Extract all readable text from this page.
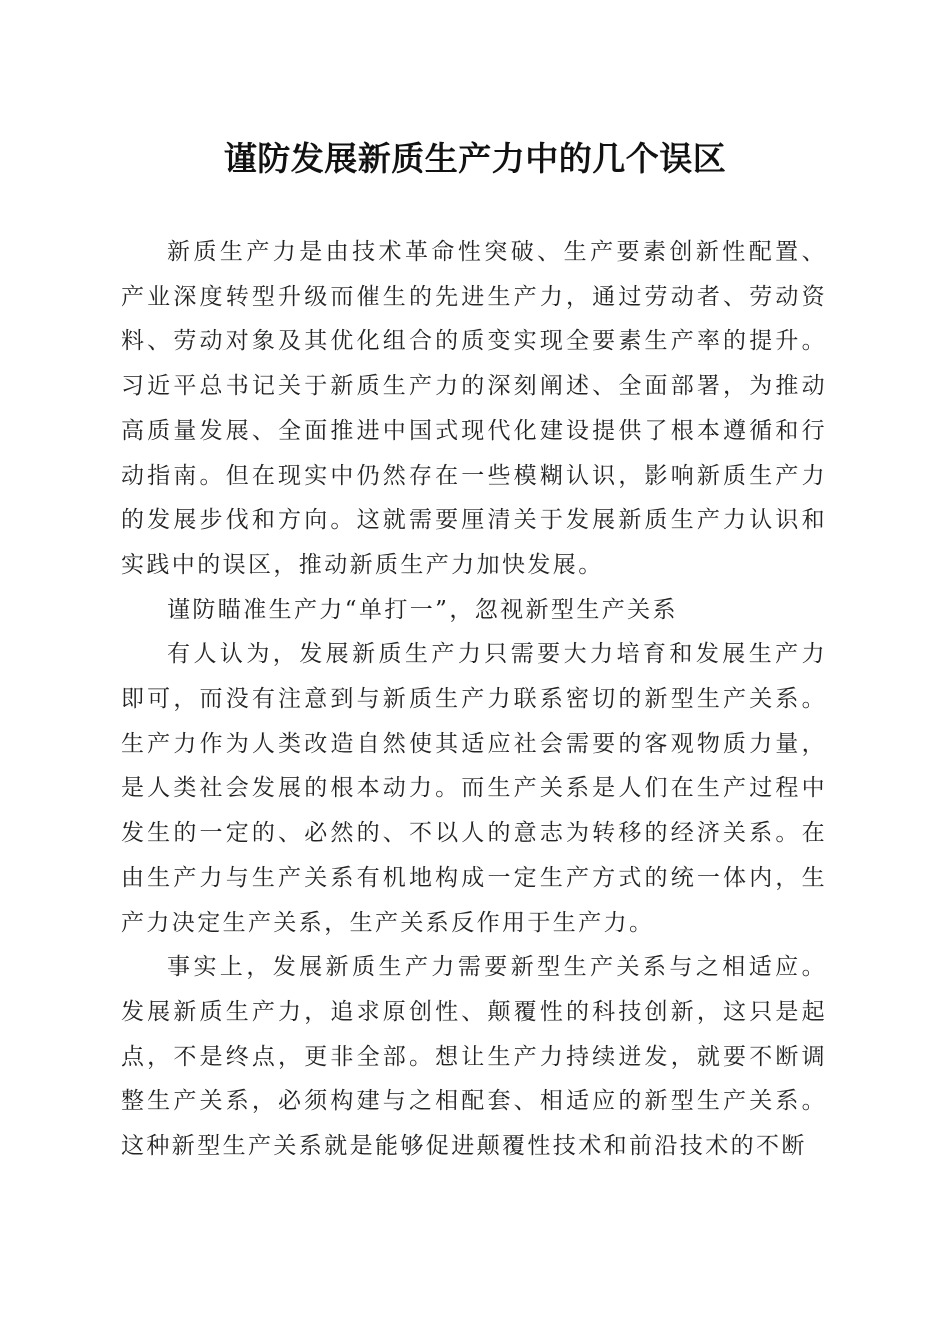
谨防发展新质生产力中的几个误区

新质生产力是由技术革命性突破、生产要素创新性配置、产业深度转型升级而催生的先进生产力，通过劳动者、劳动资料、劳动对象及其优化组合的质变实现全要素生产率的提升。习近平总书记关于新质生产力的深刻阐述、全面部署，为推动高质量发展、全面推进中国式现代化建设提供了根本遵循和行动指南。但在现实中仍然存在一些模糊认识，影响新质生产力的发展步伐和方向。这就需要厘清关于发展新质生产力认识和实践中的误区，推动新质生产力加快发展。

谨防瞄准生产力“单打一”，忽视新型生产关系

有人认为，发展新质生产力只需要大力培育和发展生产力即可，而没有注意到与新质生产力联系密切的新型生产关系。生产力作为人类改造自然使其适应社会需要的客观物质力量，是人类社会发展的根本动力。而生产关系是人们在生产过程中发生的一定的、必然的、不以人的意志为转移的经济关系。在由生产力与生产关系有机地构成一定生产方式的统一体内，生产力决定生产关系，生产关系反作用于生产力。

事实上，发展新质生产力需要新型生产关系与之相适应。发展新质生产力，追求原创性、颠覆性的科技创新，这只是起点，不是终点，更非全部。想让生产力持续迸发，就要不断调整生产关系，必须构建与之相配套、相适应的新型生产关系。这种新型生产关系就是能够促进颠覆性技术和前沿技术的不断
